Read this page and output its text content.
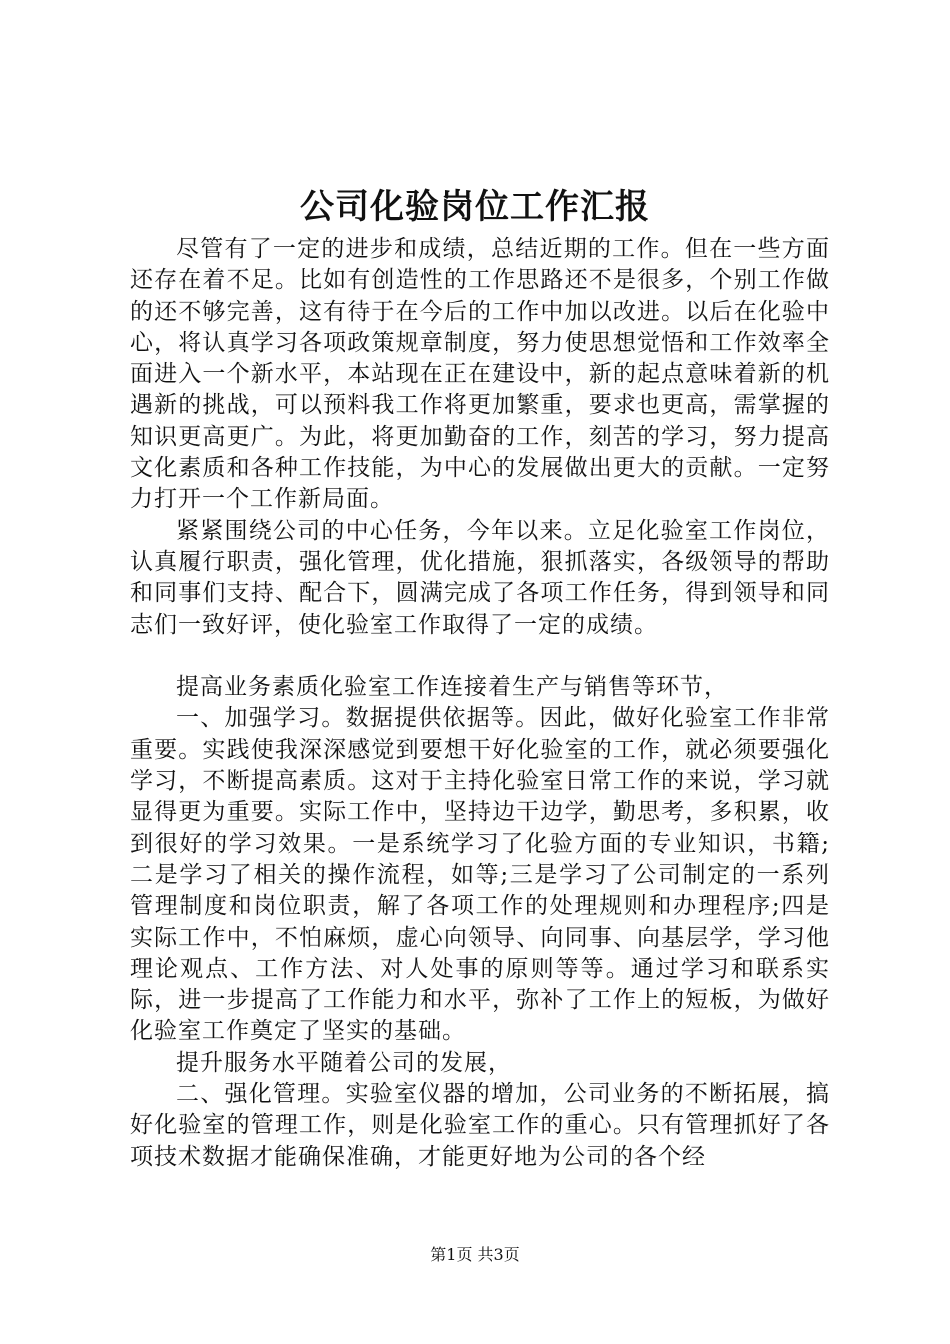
公司化验岗位工作汇报

尽管有了一定的进步和成绩，总结近期的工作。但在一些方面还存在着不足。比如有创造性的工作思路还不是很多，个别工作做的还不够完善，这有待于在今后的工作中加以改进。以后在化验中心，将认真学习各项政策规章制度，努力使思想觉悟和工作效率全面进入一个新水平，本站现在正在建设中，新的起点意味着新的机遇新的挑战，可以预料我工作将更加繁重，要求也更高，需掌握的知识更高更广。为此，将更加勤奋的工作，刻苦的学习，努力提高文化素质和各种工作技能，为中心的发展做出更大的贡献。一定努力打开一个工作新局面。

紧紧围绕公司的中心任务，今年以来。立足化验室工作岗位，认真履行职责，强化管理，优化措施，狠抓落实，各级领导的帮助和同事们支持、配合下，圆满完成了各项工作任务，得到领导和同志们一致好评，使化验室工作取得了一定的成绩。

提高业务素质化验室工作连接着生产与销售等环节，

一、加强学习。数据提供依据等。因此，做好化验室工作非常重要。实践使我深深感觉到要想干好化验室的工作，就必须要强化学习，不断提高素质。这对于主持化验室日常工作的来说，学习就显得更为重要。实际工作中，坚持边干边学，勤思考，多积累，收到很好的学习效果。一是系统学习了化验方面的专业知识，书籍;二是学习了相关的操作流程，如等;三是学习了公司制定的一系列管理制度和岗位职责，解了各项工作的处理规则和办理程序;四是实际工作中，不怕麻烦，虚心向领导、向同事、向基层学，学习他理论观点、工作方法、对人处事的原则等等。通过学习和联系实际，进一步提高了工作能力和水平，弥补了工作上的短板，为做好化验室工作奠定了坚实的基础。

提升服务水平随着公司的发展，

二、强化管理。实验室仪器的增加，公司业务的不断拓展，搞好化验室的管理工作，则是化验室工作的重心。只有管理抓好了各项技术数据才能确保准确，才能更好地为公司的各个经

第1页 共3页
